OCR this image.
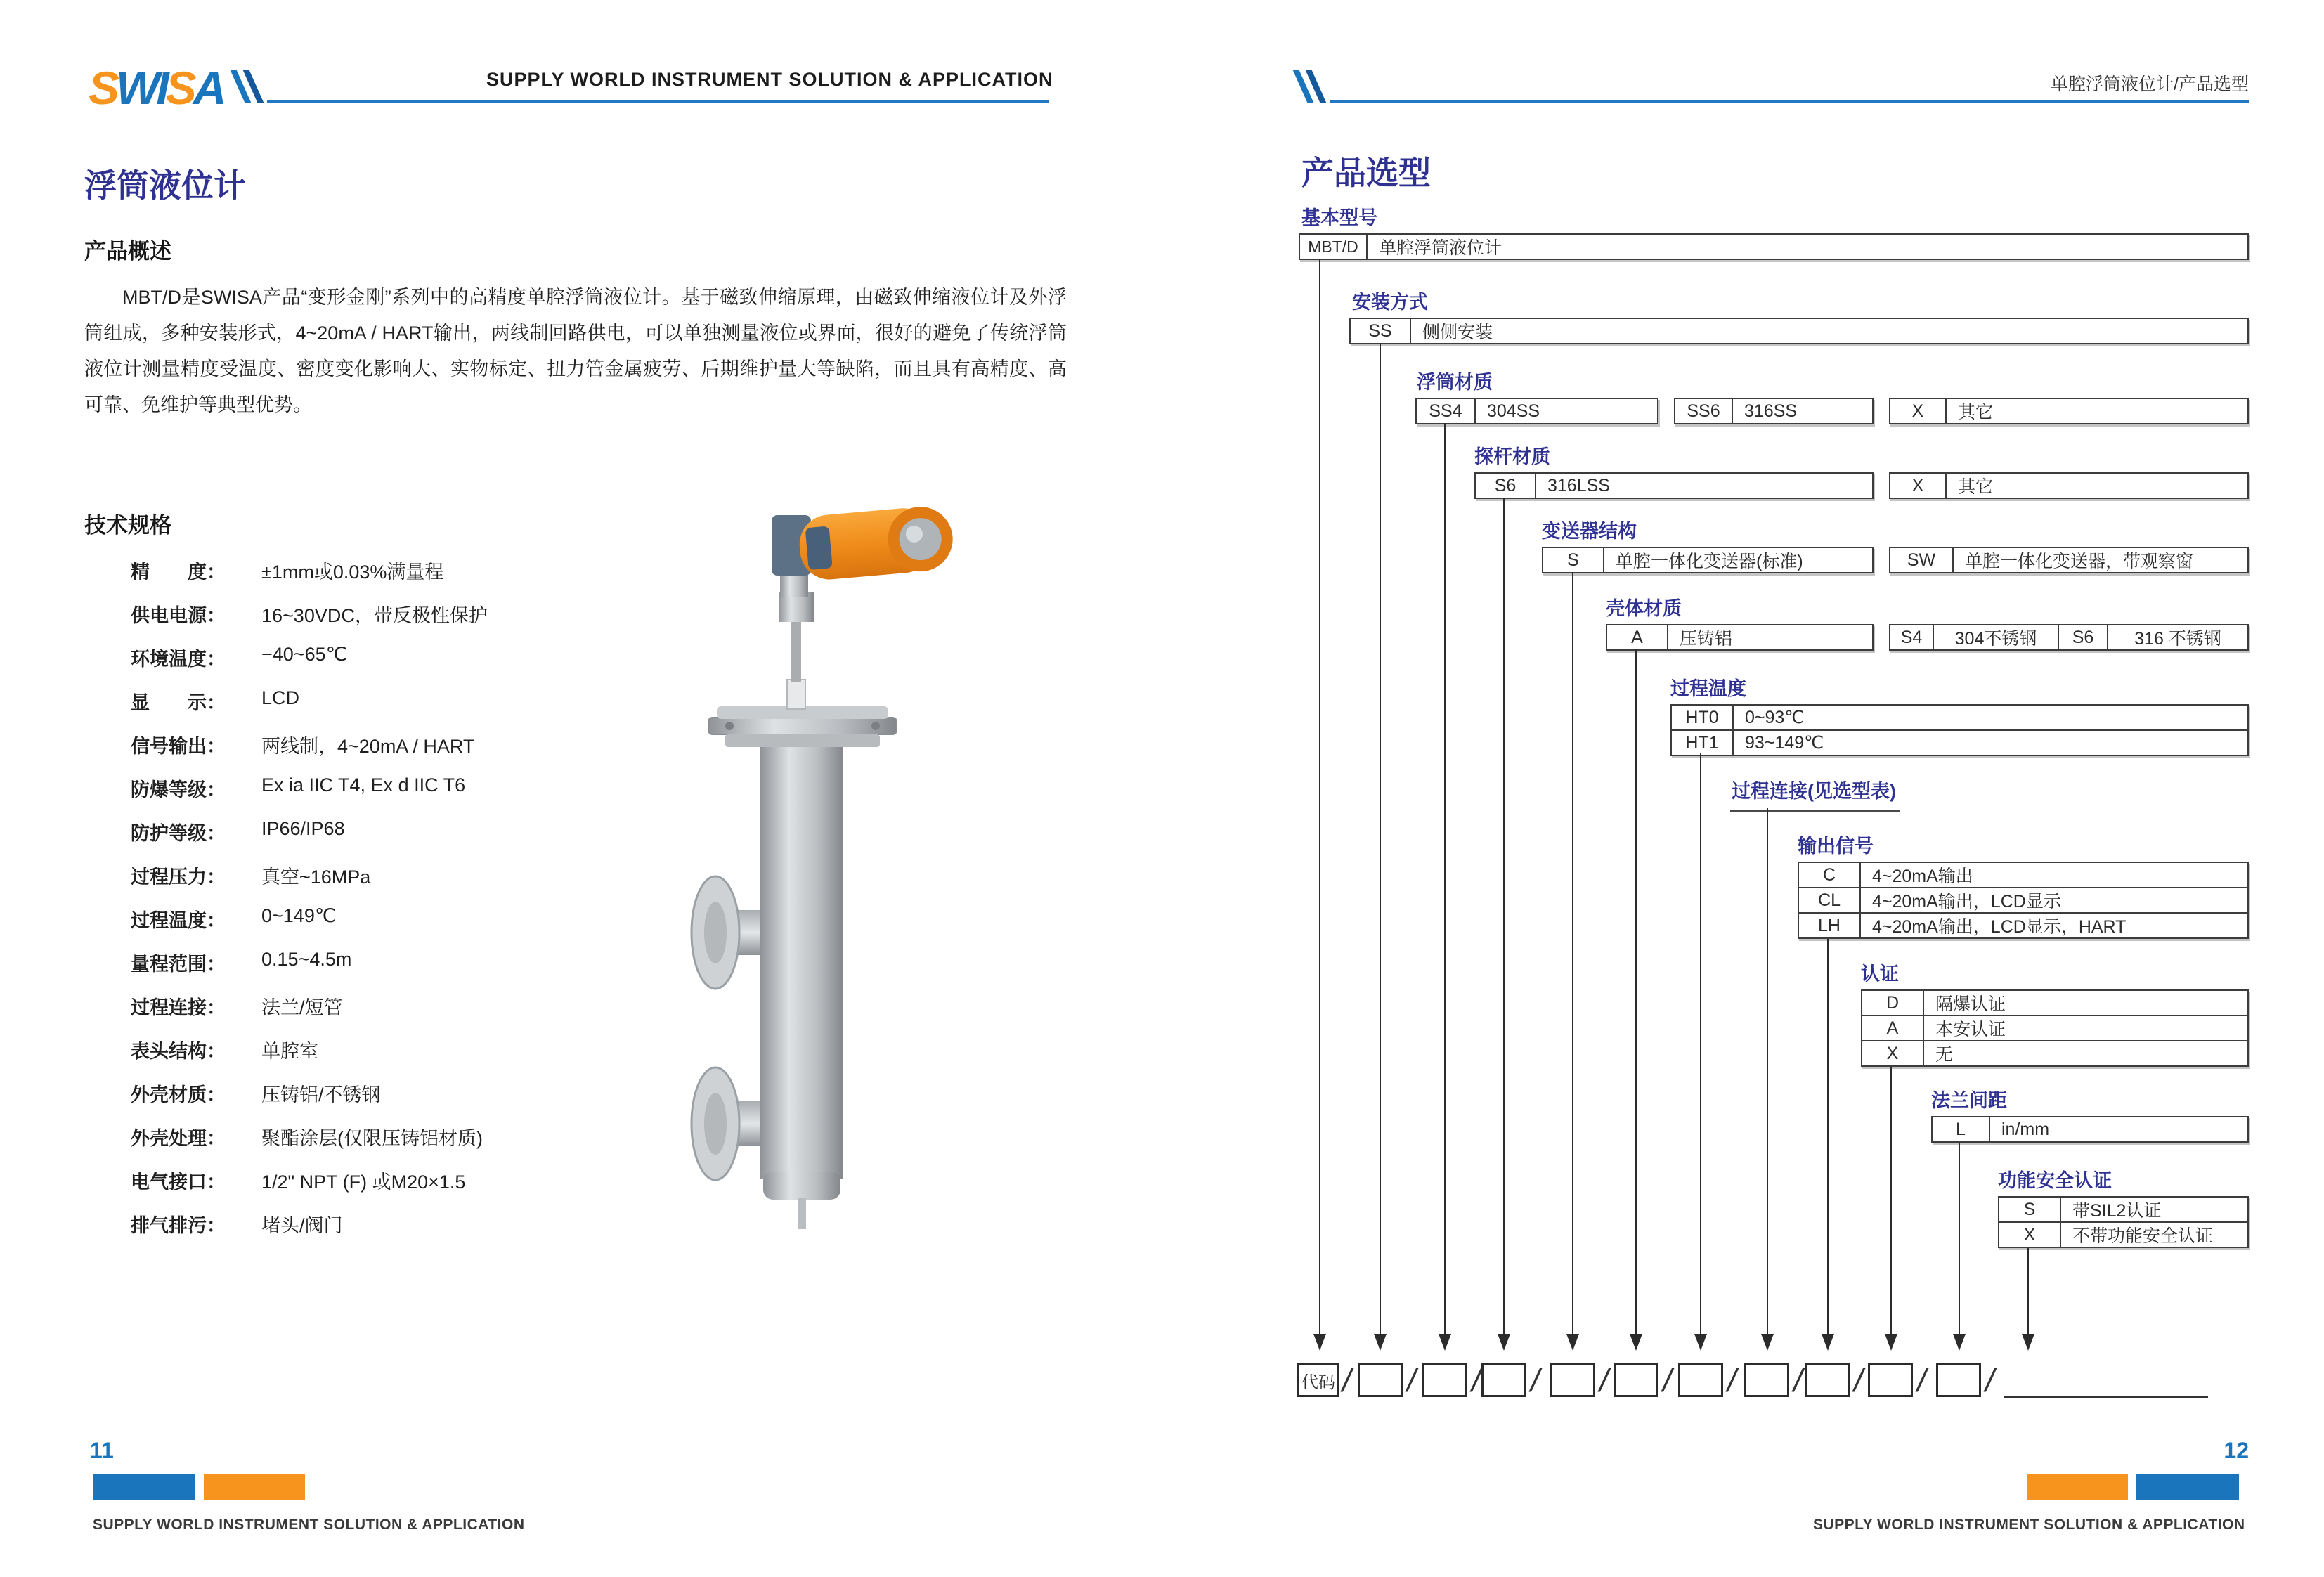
SWISA	SUPPLY WORLD INSTRUMENT SOLUTION & APPLICATION	单腔浮筒液位计/产品选型
浮筒液位计
产品概述
MBT/D是SWISA产品“变形金刚”系列中的高精度单腔浮筒液位计。基于磁致伸缩原理，由磁致伸缩液位计及外浮筒组成，多种安装形式，4~20mA / HART输出，两线制回路供电，可以单独测量液位或界面，很好的避免了传统浮筒液位计测量精度受温度、密度变化影响大、实物标定、扭力管金属疲劳、后期维护量大等缺陷，而且具有高精度、高可靠、免维护等典型优势。
技术规格
精　　度：	±1mm或0.03%满量程
供电电源：	16~30VDC，带反极性保护
环境温度：	−40~65℃
显　　示：	LCD
信号输出：	两线制，4~20mA / HART
防爆等级：	Ex ia IIC T4, Ex d IIC T6
防护等级：	IP66/IP68
过程压力：	真空~16MPa
过程温度：	0~149℃
量程范围：	0.15~4.5m
过程连接：	法兰/短管
表头结构：	单腔室
外壳材质：	压铸铝/不锈钢
外壳处理：	聚酯涂层(仅限压铸铝材质)
电气接口：	1/2" NPT (F) 或M20×1.5
排气排污：	堵头/阀门
产品选型
基本型号
MBT/D	单腔浮筒液位计
安装方式
SS	侧侧安装
浮筒材质
SS4	304SS	SS6	316SS	X	其它
探杆材质
S6	316LSS	X	其它
变送器结构
S	单腔一体化变送器(标准)	SW	单腔一体化变送器，带观察窗
壳体材质
A	压铸铝	S4	304不锈钢	S6	316 不锈钢
过程温度
HT0	0~93℃
HT1	93~149℃
过程连接(见选型表)
输出信号
C	4~20mA输出
CL	4~20mA输出，LCD显示
LH	4~20mA输出，LCD显示，HART
认证
D	隔爆认证
A	本安认证
X	无
法兰间距
L	in/mm
功能安全认证
S	带SIL2认证
X	不带功能安全认证
代码 / / / / / / / / / / /
11
SUPPLY WORLD INSTRUMENT SOLUTION & APPLICATION
12
SUPPLY WORLD INSTRUMENT SOLUTION & APPLICATION
